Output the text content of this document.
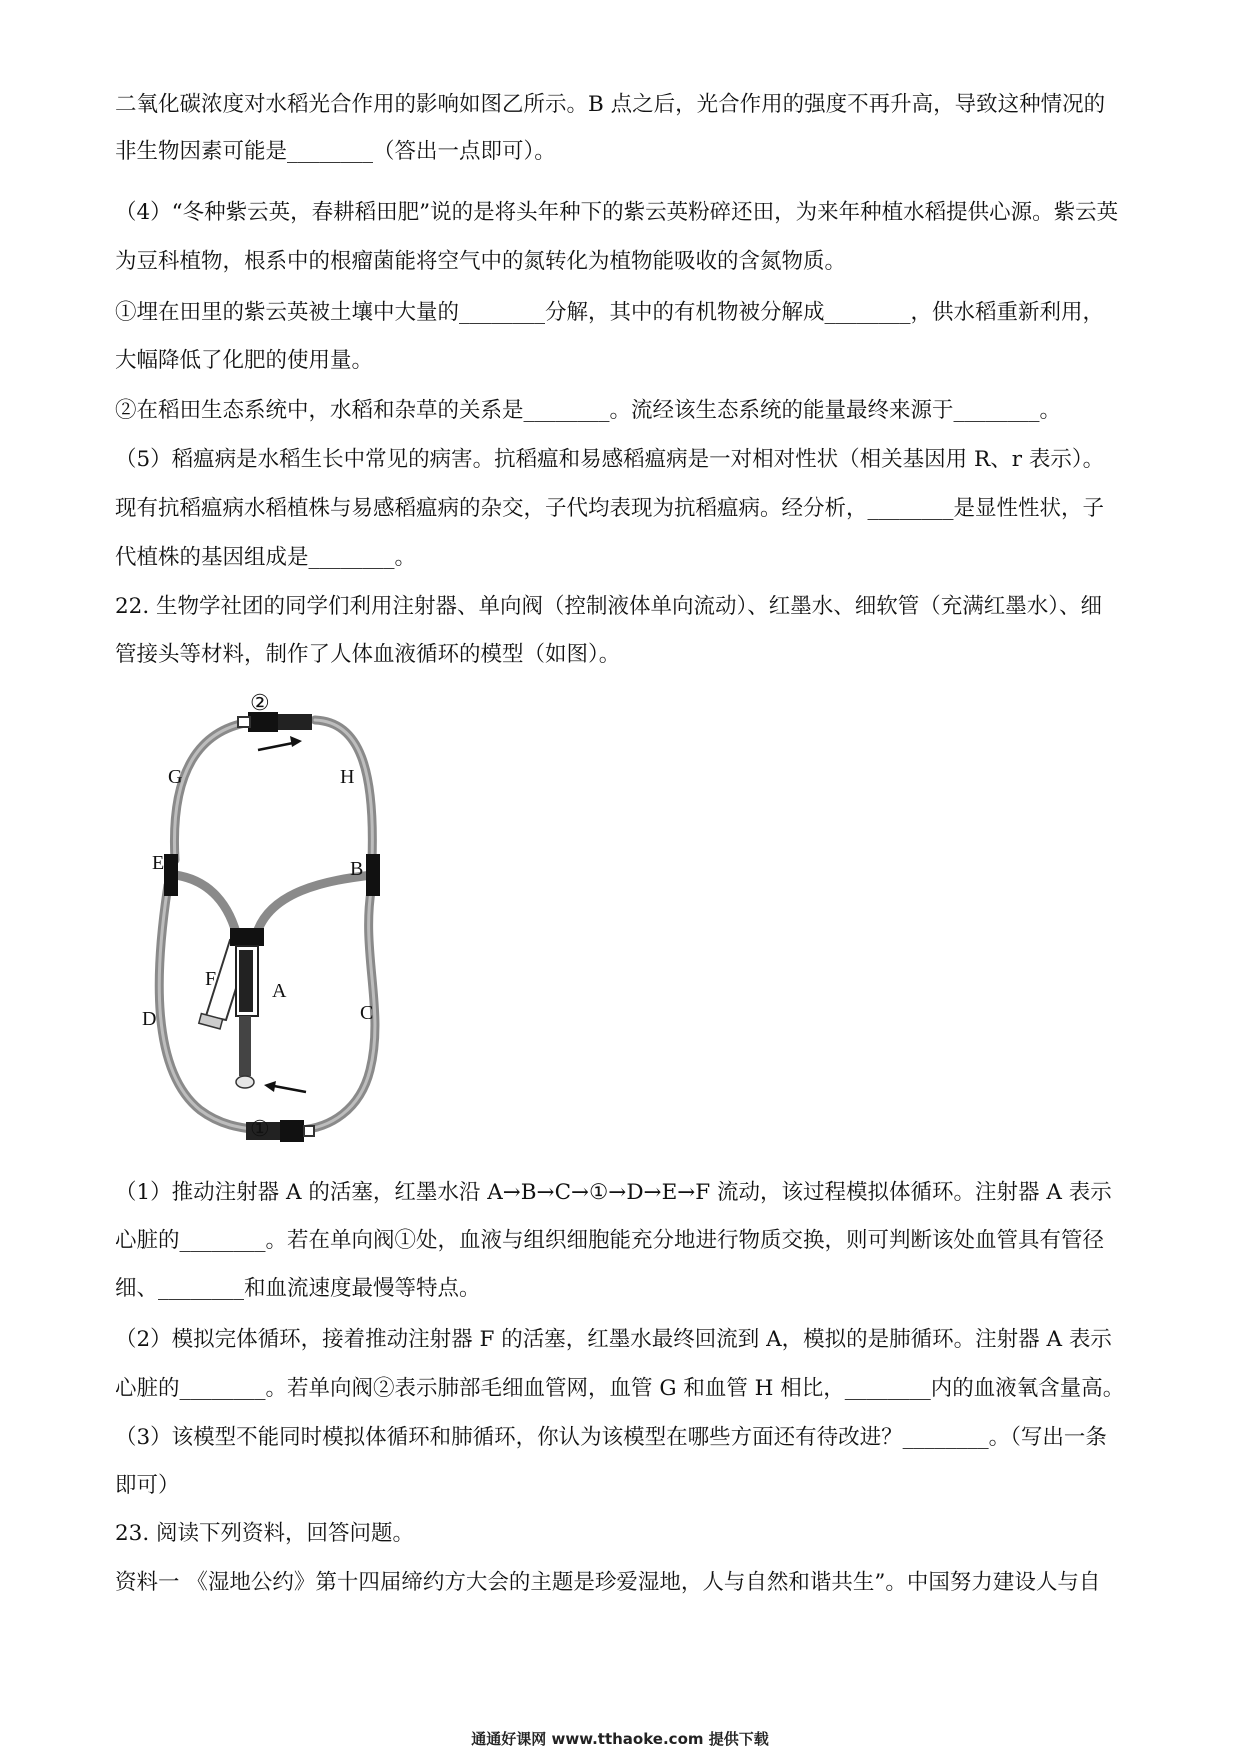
二氧化碳浓度对水稻光合作用的影响如图乙所示。B 点之后，光合作用的强度不再升高，导致这种情况的
非生物因素可能是________（答出一点即可）。
（4）“冬种紫云英，春耕稻田肥”说的是将头年种下的紫云英粉碎还田，为来年种植水稻提供心源。紫云英
为豆科植物，根系中的根瘤菌能将空气中的氮转化为植物能吸收的含氮物质。
①埋在田里的紫云英被土壤中大量的________分解，其中的有机物被分解成________，供水稻重新利用，
大幅降低了化肥的使用量。
②在稻田生态系统中，水稻和杂草的关系是________。流经该生态系统的能量最终来源于________。
（5）稻瘟病是水稻生长中常见的病害。抗稻瘟和易感稻瘟病是一对相对性状（相关基因用 R、r 表示）。
现有抗稻瘟病水稻植株与易感稻瘟病的杂交，子代均表现为抗稻瘟病。经分析，________是显性性状，子
代植株的基因组成是________。
22. 生物学社团的同学们利用注射器、单向阀（控制液体单向流动）、红墨水、细软管（充满红墨水）、细
管接头等材料，制作了人体血液循环的模型（如图）。
②
G	H
E	B
F
A
D	C
①
（1）推动注射器 A 的活塞，红墨水沿 A→B→C→①→D→E→F 流动，该过程模拟体循环。注射器 A 表示
心脏的________。若在单向阀①处，血液与组织细胞能充分地进行物质交换，则可判断该处血管具有管径
细、________和血流速度最慢等特点。
（2）模拟完体循环，接着推动注射器 F 的活塞，红墨水最终回流到 A，模拟的是肺循环。注射器 A 表示
心脏的________。若单向阀②表示肺部毛细血管网，血管 G 和血管 H 相比，________内的血液氧含量高。
（3）该模型不能同时模拟体循环和肺循环，你认为该模型在哪些方面还有待改进？________。（写出一条
即可）
23. 阅读下列资料，回答问题。
资料一 《湿地公约》第十四届缔约方大会的主题是珍爱湿地，人与自然和谐共生”。中国努力建设人与自
通通好课网 www.tthaoke.com 提供下载
